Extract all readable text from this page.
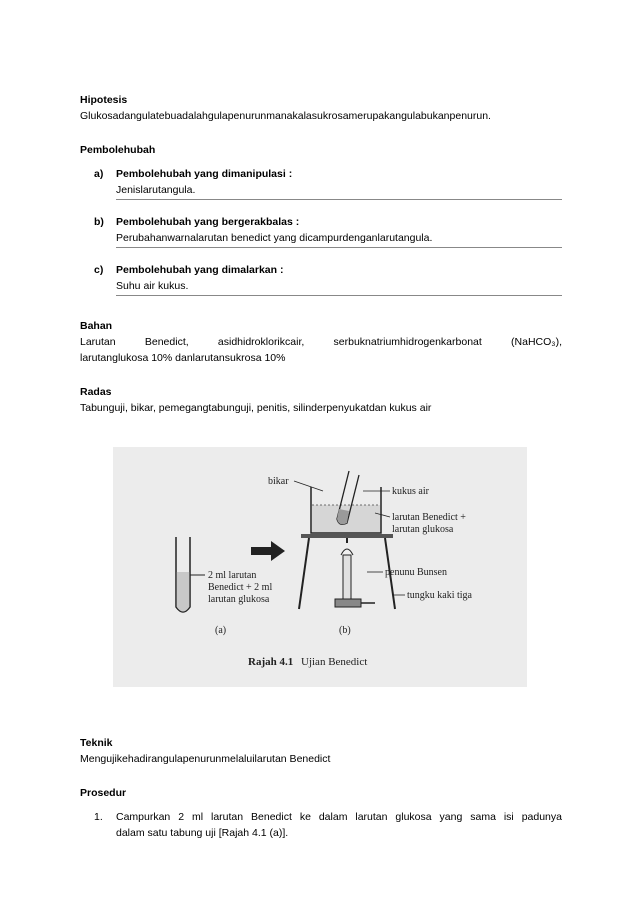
Hipotesis

Glukosadangulatebuadalahgulapenurunmanakalasukrosamerupakangulabukanpenurun.

Pembolehubah

a) Pembolehubah yang dimanipulasi :
Jenislarutangula.
b) Pembolehubah yang bergerakbalas :
Perubahanwarnalarutan benedict yang dicampurdenganlarutangula.
c) Pembolehubah yang dimalarkan :
Suhu air kukus.

Bahan

Larutan Benedict, asidhidroklorikcair, serbuknatriumhidrogenkarbonat (NaHCO₃),

larutanglukosa 10% danlarutansukrosa 10%

Radas

Tabunguji, bikar, pemegangtabunguji, penitis, silinderpenyukatdan kukus air

2 ml larutan
Benedict + 2 ml
larutan glukosa
bikar
kukus air
larutan Benedict +
larutan glukosa
penunu Bunsen
tungku kaki tiga
(a)	(b)
Rajah 4.1 Ujian Benedict

Teknik

Mengujikehadirangulapenurunmelaluilarutan Benedict

Prosedur

1. Campurkan 2 ml larutan Benedict ke dalam larutan glukosa yang sama isi padunya
dalam satu tabung uji [Rajah 4.1 (a)].
